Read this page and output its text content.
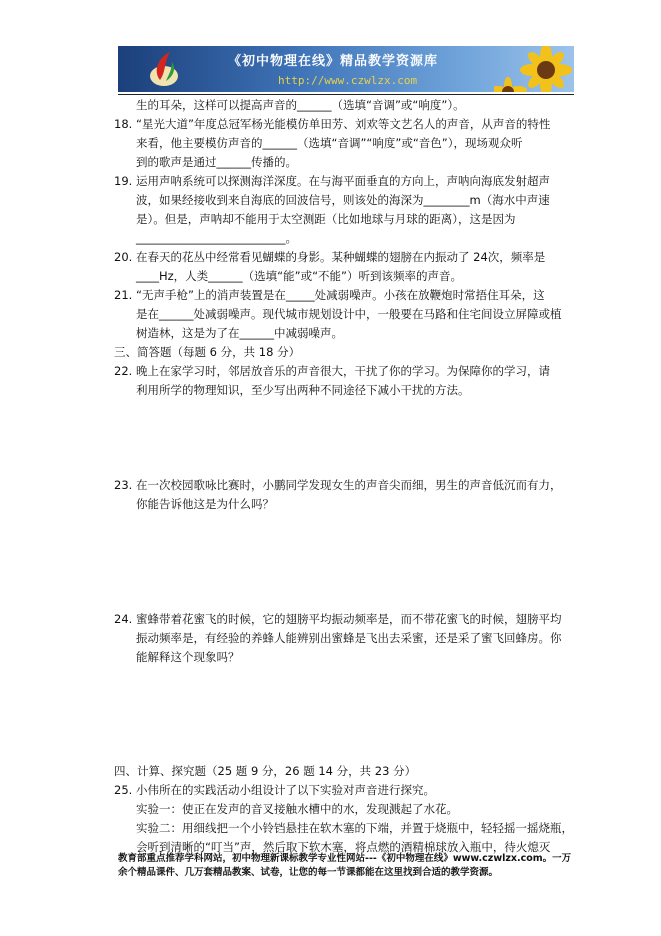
《初中物理在线》精品教学资源库
http://www.czwlzx.com
生的耳朵，这样可以提高声音的______（选填“音调”或“响度”）。
18. “星光大道”年度总冠军杨光能模仿单田芳、刘欢等文艺名人的声音，从声音的特性
来看，他主要模仿声音的______（选填“音调”“响度”或“音色”），现场观众听
到的歌声是通过______传播的。
19. 运用声呐系统可以探测海洋深度。在与海平面垂直的方向上，声呐向海底发射超声
波，如果经接收到来自海底的回波信号，则该处的海深为________m（海水中声速
是）。但是，声呐却不能用于太空测距（比如地球与月球的距离），这是因为
__________________________。
20. 在春天的花丛中经常看见蝴蝶的身影。某种蝴蝶的翅膀在内振动了 24次，频率是
____Hz，人类______（选填“能”或“不能”）听到该频率的声音。
21. “无声手枪”上的消声装置是在_____处减弱噪声。小孩在放鞭炮时常捂住耳朵，这
是在______处减弱噪声。现代城市规划设计中，一般要在马路和住宅间设立屏障或植
树造林，这是为了在______中减弱噪声。
三、简答题（每题 6 分，共 18 分）
22. 晚上在家学习时，邻居放音乐的声音很大，干扰了你的学习。为保障你的学习，请
利用所学的物理知识，至少写出两种不同途径下减小干扰的方法。
23. 在一次校园歌咏比赛时，小鹏同学发现女生的声音尖而细，男生的声音低沉而有力，
你能告诉他这是为什么吗？
24. 蜜蜂带着花蜜飞的时候，它的翅膀平均振动频率是，而不带花蜜飞的时候，翅膀平均
振动频率是，有经验的养蜂人能辨别出蜜蜂是飞出去采蜜，还是采了蜜飞回蜂房。你
能解释这个现象吗？
四、计算、探究题（25 题 9 分，26 题 14 分，共 23 分）
25. 小伟所在的实践活动小组设计了以下实验对声音进行探究。
实验一：使正在发声的音叉接触水槽中的水，发现溅起了水花。
实验二：用细线把一个小铃铛悬挂在软木塞的下端，并置于烧瓶中，轻轻摇一摇烧瓶，
会听到清晰的“叮当”声，然后取下软木塞，将点燃的酒精棉球放入瓶中，待火熄灭
教育部重点推荐学科网站，初中物理新课标教学专业性网站---《初中物理在线》www.czwlzx.com。一万
余个精品课件、几万套精品教案、试卷，让您的每一节课都能在这里找到合适的教学资源。
